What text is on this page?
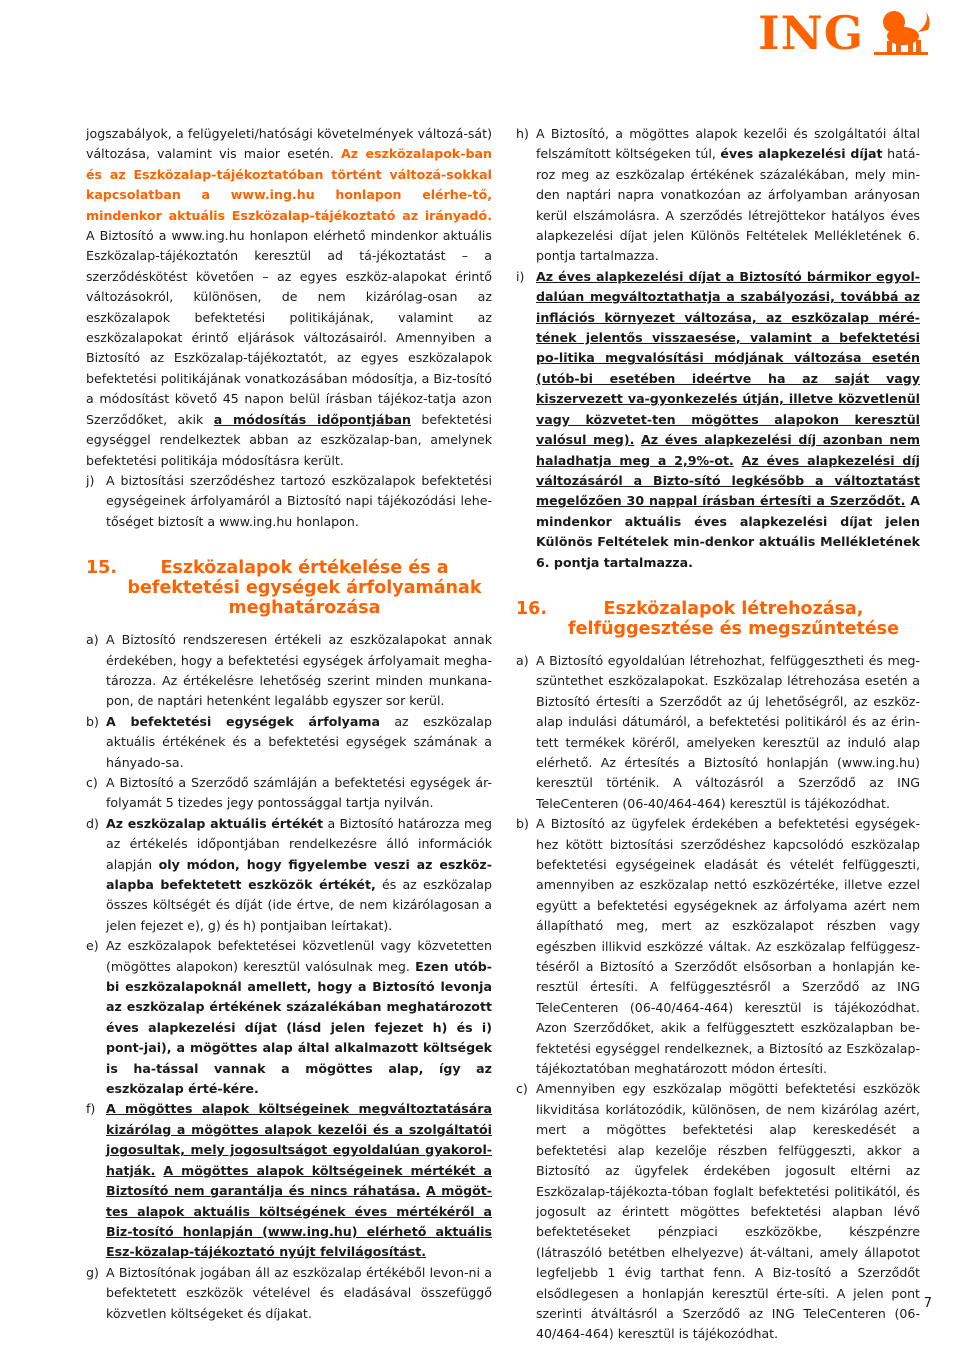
ING

jogszabályok, a felügyeleti/hatósági követelmények változá-sát) változása, valamint vis maior esetén. Az eszközalapok-ban és az Eszközalap-tájékoztatóban történt változá-sokkal kapcsolatban a www.ing.hu honlapon elérhe-tő, mindenkor aktuális Eszközalap-tájékoztató az irányadó. A Biztosító a www.ing.hu honlapon elérhető mindenkor aktuális Eszközalap-tájékoztatón keresztül ad tá-jékoztatást – a szerződéskötést követően – az egyes eszköz-alapokat érintő változásokról, különösen, de nem kizárólag-osan az eszközalapok befektetési politikájának, valamint az eszközalapokat érintő eljárások változásairól. Amennyiben a Biztosító az Eszközalap-tájékoztatót, az egyes eszközalapok befektetési politikájának vonatkozásában módosítja, a Biz-tosító a módosítást követő 45 napon belül írásban tájékoz-tatja azon Szerződőket, akik a módosítás időpontjában befektetési egységgel rendelkeztek abban az eszközalap-ban, amelynek befektetési politikája módosításra került.

j) A biztosítási szerződéshez tartozó eszközalapok befektetési egységeinek árfolyamáról a Biztosító napi tájékozódási lehe-tőséget biztosít a www.ing.hu honlapon.
15.	Eszközalapok értékelése és a befektetési egységek árfolyamának meghatározása
a) A Biztosító rendszeresen értékeli az eszközalapokat annak érdekében, hogy a befektetési egységek árfolyamait megha-tározza. Az értékelésre lehetőség szerint minden munkana-pon, de naptári hetenként legalább egyszer sor kerül.
b) A befektetési egységek árfolyama az eszközalap aktuális értékének és a befektetési egységek számának a hányado-sa.
c) A Biztosító a Szerződő számláján a befektetési egységek ár-folyamát 5 tizedes jegy pontossággal tartja nyilván.
d) Az eszközalap aktuális értékét a Biztosító határozza meg az értékelés időpontjában rendelkezésre álló információk alapján oly módon, hogy figyelembe veszi az eszköz-alapba befektetett eszközök értékét, és az eszközalap összes költségét és díját (ide értve, de nem kizárólagosan a jelen fejezet e), g) és h) pontjaiban leírtakat).
e) Az eszközalapok befektetései közvetlenül vagy közvetetten (mögöttes alapokon) keresztül valósulnak meg. Ezen utób-bi eszközalapoknál amellett, hogy a Biztosító levonja az eszközalap értékének százalékában meghatározott éves alapkezelési díjat (lásd jelen fejezet h) és i) pont-jai), a mögöttes alap által alkalmazott költségek is ha-tással vannak a mögöttes alap, így az eszközalap érté-kére.
f) A mögöttes alapok költségeinek megváltoztatására kizárólag a mögöttes alapok kezelői és a szolgáltatói jogosultak, mely jogosultságot egyoldalúan gyakorol-hatják. A mögöttes alapok költségeinek mértékét a Biztosító nem garantálja és nincs ráhatása. A mögöt-tes alapok aktuális költségének éves mértékéről a Biz-tosító honlapján (www.ing.hu) elérhető aktuális Esz-közalap-tájékoztató nyújt felvilágosítást.
g) A Biztosítónak jogában áll az eszközalap értékéből levon-ni a befektetett eszközök vételével és eladásával összefüggő közvetlen költségeket és díjakat.
h) A Biztosító, a mögöttes alapok kezelői és szolgáltatói által felszámított költségeken túl, éves alapkezelési díjat hatá-roz meg az eszközalap értékének százalékában, mely min-den naptári napra vonatkozóan az árfolyamban arányosan kerül elszámolásra. A szerződés létrejöttekor hatályos éves alapkezelési díjat jelen Különös Feltételek Mellékletének 6. pontja tartalmazza.
i) Az éves alapkezelési díjat a Biztosító bármikor egyol-dalúan megváltoztathatja a szabályozási, továbbá az inflációs környezet változása, az eszközalap méré-tének jelentős visszaesése, valamint a befektetési po-litika megvalósítási módjának változása esetén (utób-bi esetében ideértve ha az saját vagy kiszervezett va-gyonkezelés útján, illetve közvetlenül vagy közvetet-ten mögöttes alapokon keresztül valósul meg). Az éves alapkezelési díj azonban nem haladhatja meg a 2,9%-ot. Az éves alapkezelési díj változásáról a Bizto-sító legkésőbb a változtatást megelőzően 30 nappal írásban értesíti a Szerződőt. A mindenkor aktuális éves alapkezelési díjat jelen Különös Feltételek min-denkor aktuális Mellékletének 6. pontja tartalmazza.
16.	Eszközalapok létrehozása, felfüggesztése és megszűntetése
a) A Biztosító egyoldalúan létrehozhat, felfüggesztheti és meg-szüntethet eszközalapokat. Eszközalap létrehozása esetén a Biztosító értesíti a Szerződőt az új lehetőségről, az eszköz-alap indulási dátumáról, a befektetési politikáról és az érin-tett termékek köréről, amelyeken keresztül az induló alap elérhető. Az értesítés a Biztosító honlapján (www.ing.hu) keresztül történik. A változásról a Szerződő az ING TeleCenteren (06-40/464-464) keresztül is tájékozódhat.
b) A Biztosító az ügyfelek érdekében a befektetési egységek-hez kötött biztosítási szerződéshez kapcsolódó eszközalap befektetési egységeinek eladását és vételét felfüggeszti, amennyiben az eszközalap nettó eszközértéke, illetve ezzel együtt a befektetési egységeknek az árfolyama azért nem állapítható meg, mert az eszközalapot részben vagy egészben illikvid eszközzé váltak. Az eszközalap felfüggesz-téséről a Biztosító a Szerződőt elsősorban a honlapján ke-resztül értesíti. A felfüggesztésről a Szerződő az ING TeleCenteren (06-40/464-464) keresztül is tájékozódhat. Azon Szerződőket, akik a felfüggesztett eszközalapban be-fektetési egységgel rendelkeznek, a Biztosító az Eszközalap-tájékoztatóban meghatározott módon értesíti.
c) Amennyiben egy eszközalap mögötti befektetési eszközök likviditása korlátozódik, különösen, de nem kizárólag azért, mert a mögöttes befektetési alap kereskedését a befektetési alap kezelője részben felfüggeszti, akkor a Biztosító az ügyfelek érdekében jogosult eltérni az Eszközalap-tájékozta-tóban foglalt befektetési politikától, és jogosult az érintett mögöttes befektetési alapban lévő befektetéseket pénzpiaci eszközökbe, készpénzre (látraszóló betétben elhelyezve) át-váltani, amely állapotot legfeljebb 1 évig tarthat fenn. A Biz-tosító a Szerződőt elsődlegesen a honlapján keresztül érte-síti. A jelen pont szerinti átváltásról a Szerződő az ING TeleCenteren (06-40/464-464) keresztül is tájékozódhat.
7
